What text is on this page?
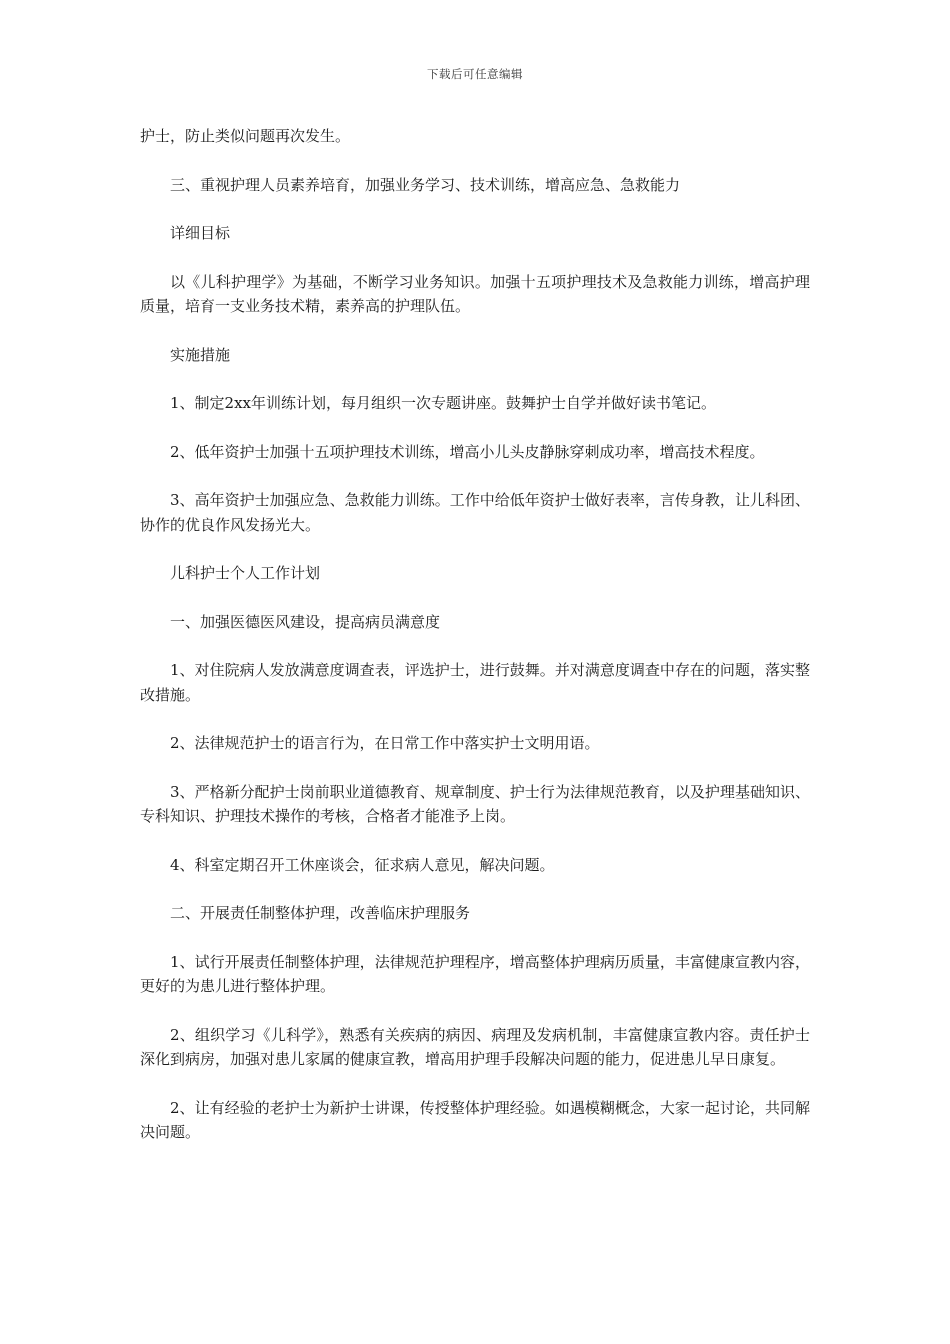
下载后可任意编辑

护士，防止类似问题再次发生。

三、重视护理人员素养培育，加强业务学习、技术训练，增高应急、急救能力

详细目标

以《儿科护理学》为基础，不断学习业务知识。加强十五项护理技术及急救能力训练，增高护理质量，培育一支业务技术精，素养高的护理队伍。

实施措施

1、制定2xx年训练计划，每月组织一次专题讲座。鼓舞护士自学并做好读书笔记。

2、低年资护士加强十五项护理技术训练，增高小儿头皮静脉穿刺成功率，增高技术程度。

3、高年资护士加强应急、急救能力训练。工作中给低年资护士做好表率，言传身教，让儿科团、协作的优良作风发扬光大。

儿科护士个人工作计划

一、加强医德医风建设，提高病员满意度

1、对住院病人发放满意度调查表，评选护士，进行鼓舞。并对满意度调查中存在的问题，落实整改措施。

2、法律规范护士的语言行为，在日常工作中落实护士文明用语。

3、严格新分配护士岗前职业道德教育、规章制度、护士行为法律规范教育，以及护理基础知识、专科知识、护理技术操作的考核，合格者才能准予上岗。

4、科室定期召开工休座谈会，征求病人意见，解决问题。

二、开展责任制整体护理，改善临床护理服务

1、试行开展责任制整体护理，法律规范护理程序，增高整体护理病历质量，丰富健康宣教内容，更好的为患儿进行整体护理。

2、组织学习《儿科学》，熟悉有关疾病的病因、病理及发病机制，丰富健康宣教内容。责任护士深化到病房，加强对患儿家属的健康宣教，增高用护理手段解决问题的能力，促进患儿早日康复。

2、让有经验的老护士为新护士讲课，传授整体护理经验。如遇模糊概念，大家一起讨论，共同解决问题。
